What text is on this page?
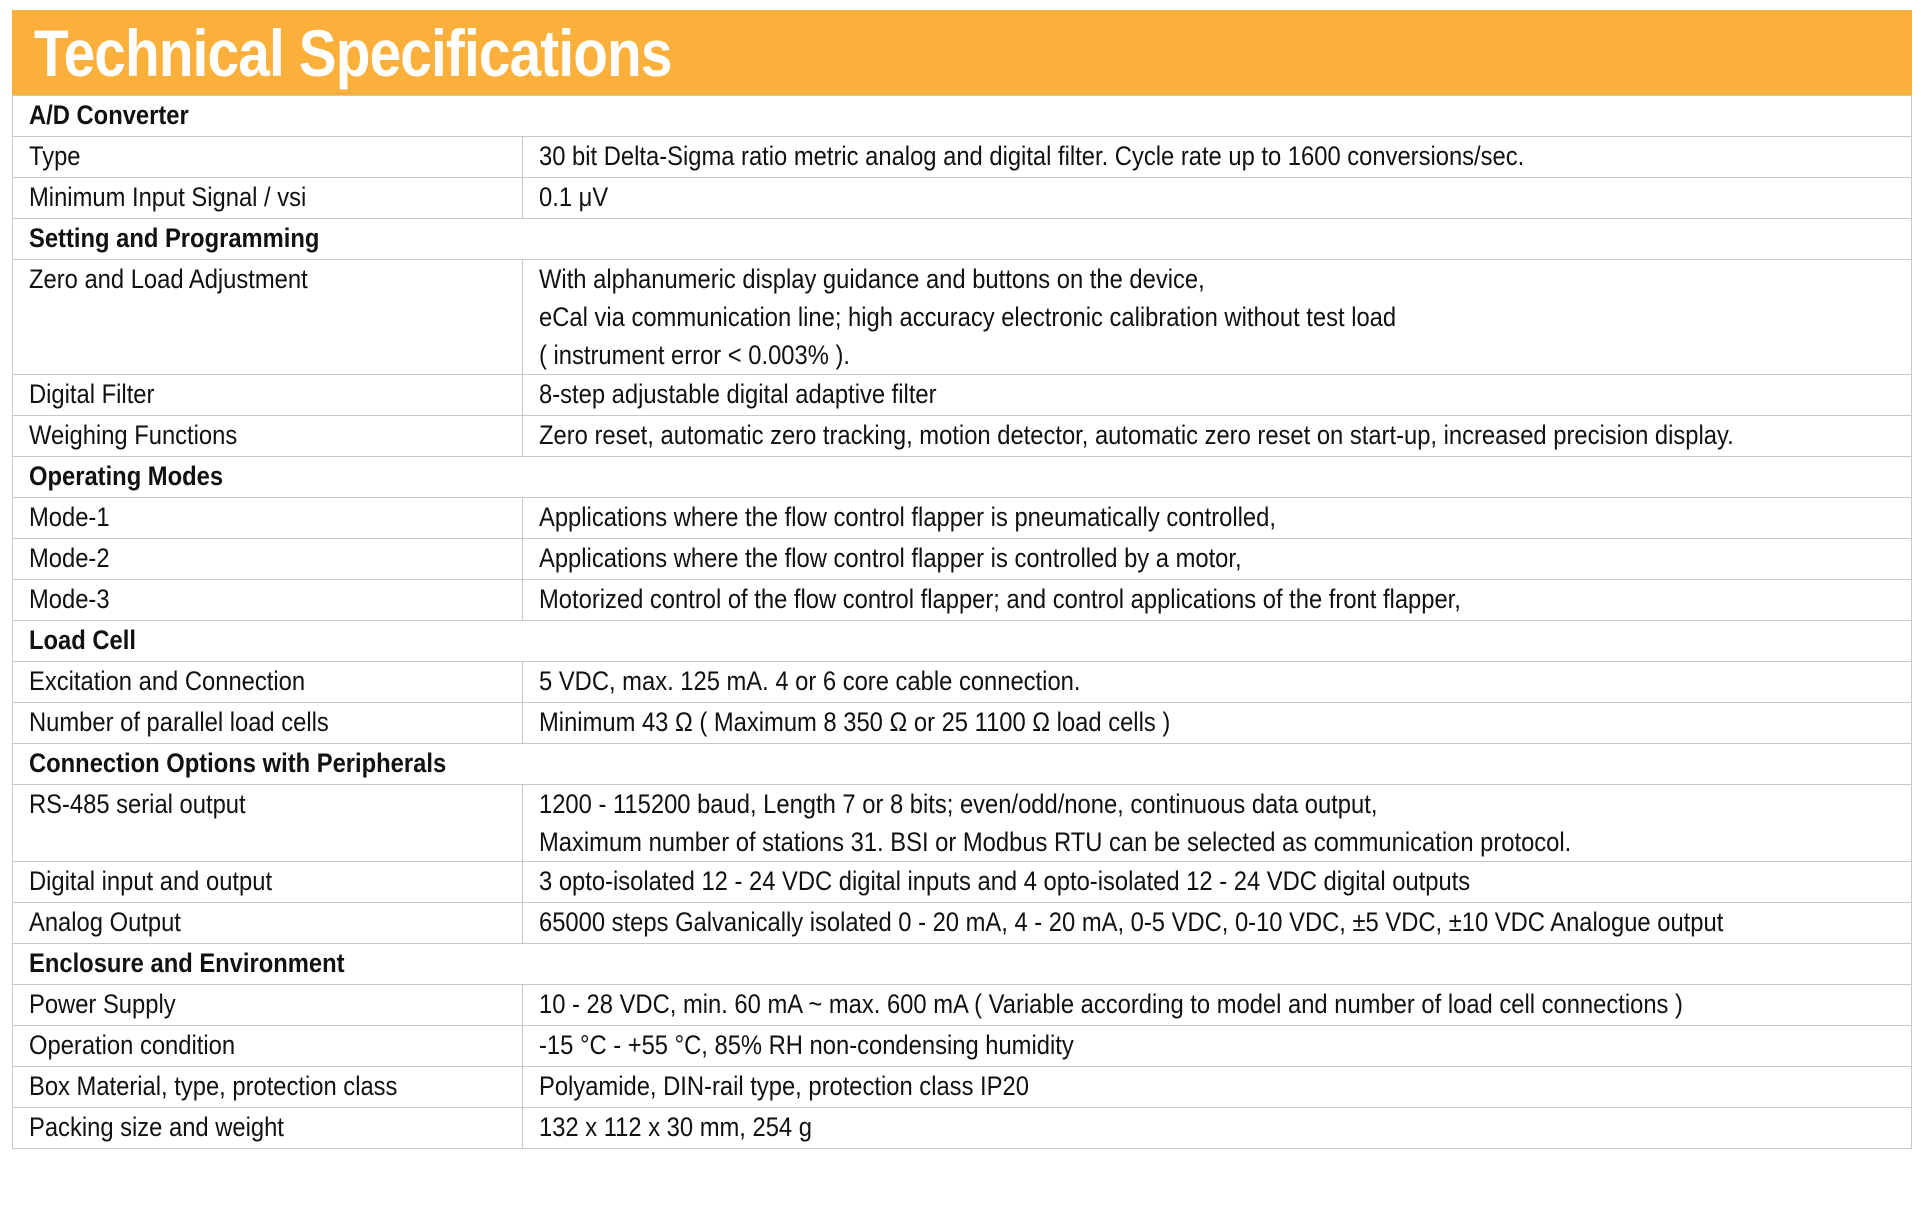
Technical Specifications
A/D Converter	
Type	30 bit Delta-Sigma ratio metric analog and digital filter. Cycle rate up to 1600 conversions/sec.

Minimum Input Signal / vsi	0.1 μV

Setting and Programming	
Zero and Load Adjustment	With alphanumeric display guidance and buttons on the device,
eCal via communication line; high accuracy electronic calibration without test load
( instrument error < 0.003% ).

Digital Filter	8-step adjustable digital adaptive filter

Weighing Functions	Zero reset, automatic zero tracking, motion detector, automatic zero reset on start-up, increased precision display.

Operating Modes	
Mode-1	Applications where the flow control flapper is pneumatically controlled,

Mode-2	Applications where the flow control flapper is controlled by a motor,

Mode-3	Motorized control of the flow control flapper; and control applications of the front flapper,

Load Cell	
Excitation and Connection	5 VDC, max. 125 mA. 4 or 6 core cable connection.

Number of parallel load cells	Minimum 43 Ω ( Maximum 8 350 Ω or 25 1100 Ω load cells )

Connection Options with Peripherals	
RS-485 serial output	1200 - 115200 baud, Length 7 or 8 bits; even/odd/none, continuous data output,
Maximum number of stations 31. BSI or Modbus RTU can be selected as communication protocol.

Digital input and output	3 opto-isolated 12 - 24 VDC digital inputs and 4 opto-isolated 12 - 24 VDC digital outputs

Analog Output	65000 steps Galvanically isolated 0 - 20 mA, 4 - 20 mA, 0-5 VDC, 0-10 VDC, ±5 VDC, ±10 VDC Analogue output

Enclosure and Environment	
Power Supply	10 - 28 VDC, min. 60 mA ~ max. 600 mA ( Variable according to model and number of load cell connections )

Operation condition	-15 °C - +55 °C, 85% RH non-condensing humidity

Box Material, type, protection class	Polyamide, DIN-rail type, protection class IP20

Packing size and weight	132 x 112 x 30 mm, 254 g
